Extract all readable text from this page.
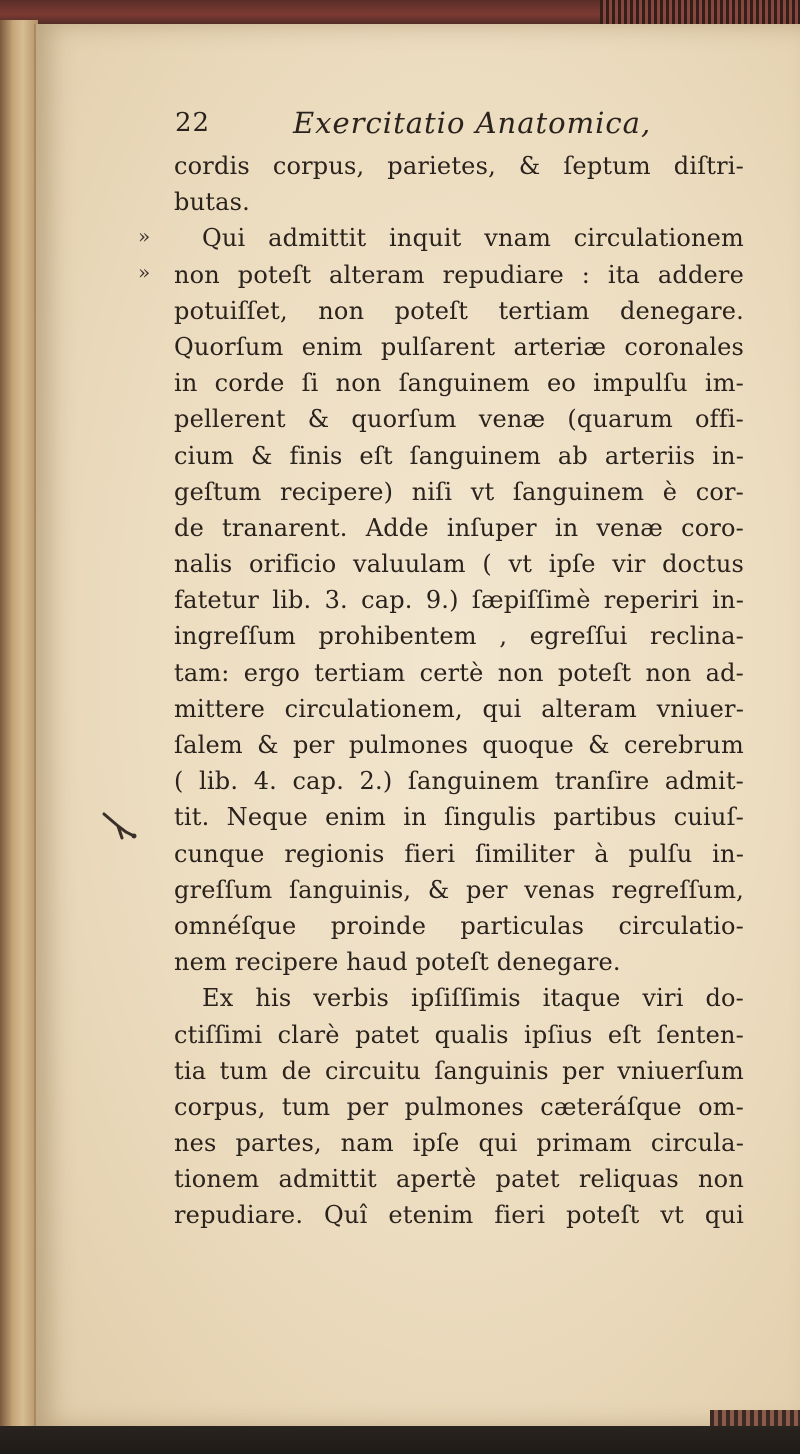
22	Exercitatio Anatomica,
»
»
cordis corpus, parietes, & ſeptum diſtri-
butas.
Qui admittit inquit vnam circulationem
non poteſt alteram repudiare : ita addere
potuiſſet, non poteſt tertiam denegare.
Quorſum enim pulſarent arteriæ coronales
in corde ſi non ſanguinem eo impulſu im-
pellerent & quorſum venæ (quarum offi-
cium & finis eſt ſanguinem ab arteriis in-
geſtum recipere) niſi vt ſanguinem è cor-
de tranarent. Adde inſuper in venæ coro-
nalis orificio valuulam ( vt ipſe vir doctus
fatetur lib. 3. cap. 9.) ſæpiſſimè reperiri in-
ingreſſum prohibentem , egreſſui reclina-
tam: ergo tertiam certè non poteſt non ad-
mittere circulationem, qui alteram vniuer-
ſalem & per pulmones quoque & cerebrum
( lib. 4. cap. 2.) ſanguinem tranſire admit-
tit. Neque enim in ſingulis partibus cuiuſ-
cunque regionis fieri ſimiliter à pulſu in-
greſſum ſanguinis, & per venas regreſſum,
omnéſque proinde particulas circulatio-
nem recipere haud poteſt denegare.
Ex his verbis ipſiſſimis itaque viri do-
ctiſſimi clarè patet qualis ipſius eſt ſenten-
tia tum de circuitu ſanguinis per vniuerſum
corpus, tum per pulmones cæteráſque om-
nes partes, nam ipſe qui primam circula-
tionem admittit apertè patet reliquas non
repudiare. Quî etenim fieri poteſt vt qui
